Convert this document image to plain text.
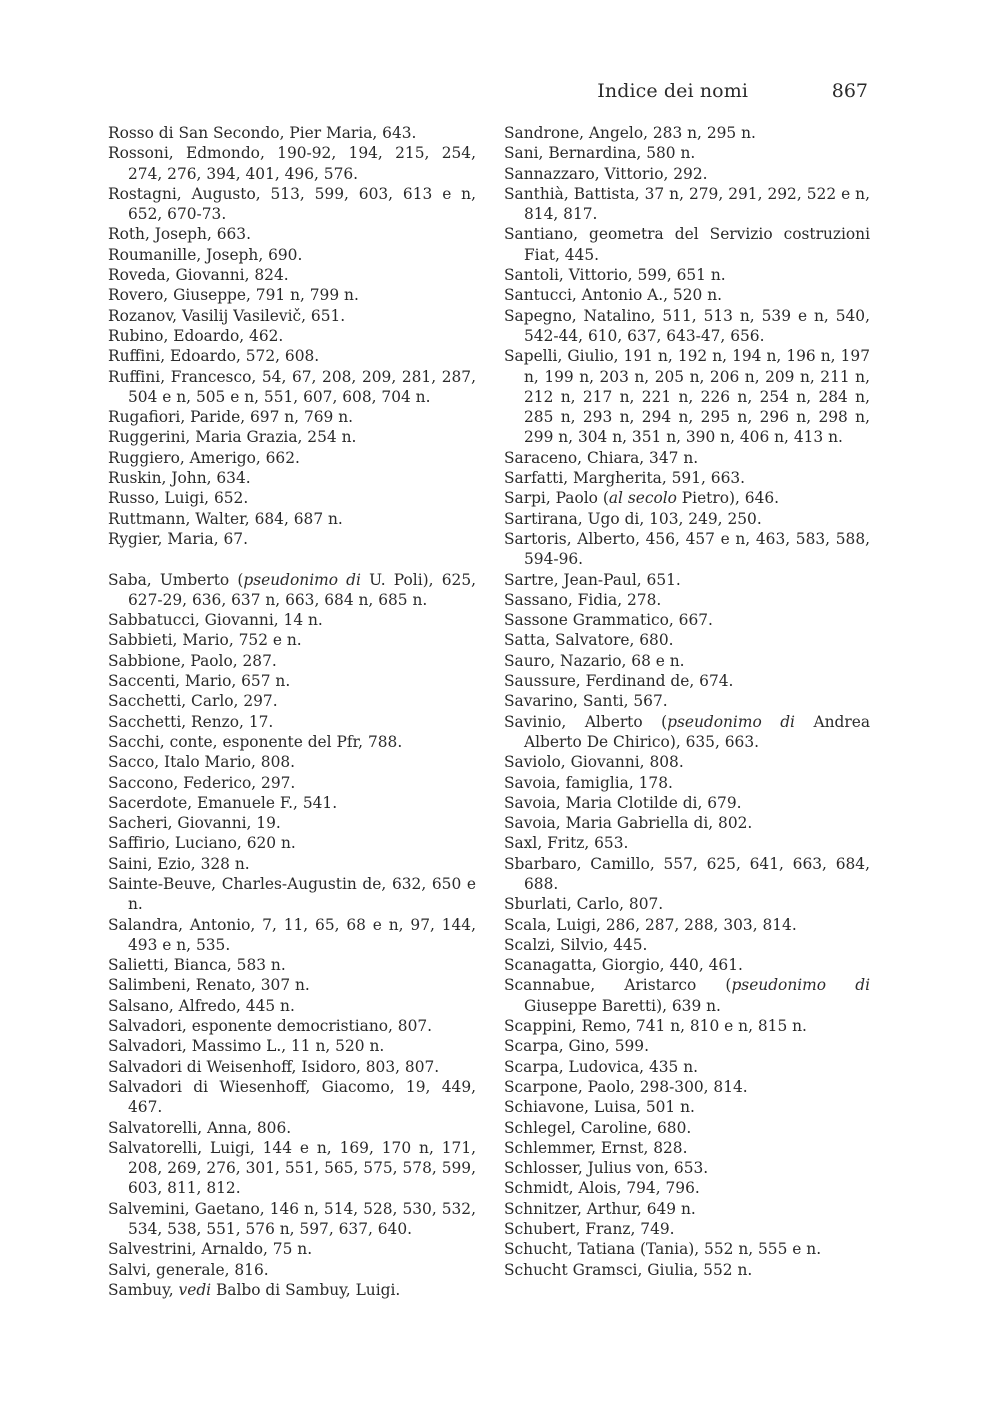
Indice dei nomi	867

Rosso di San Secondo, Pier Maria, 643.

Rossoni, Edmondo, 190-92, 194, 215, 254, 274, 276, 394, 401, 496, 576.

Rostagni, Augusto, 513, 599, 603, 613 e n, 652, 670-73.

Roth, Joseph, 663.

Roumanille, Joseph, 690.

Roveda, Giovanni, 824.

Rovero, Giuseppe, 791 n, 799 n.

Rozanov, Vasilij Vasilevič, 651.

Rubino, Edoardo, 462.

Ruffini, Edoardo, 572, 608.

Ruffini, Francesco, 54, 67, 208, 209, 281, 287, 504 e n, 505 e n, 551, 607, 608, 704 n.

Rugafiori, Paride, 697 n, 769 n.

Ruggerini, Maria Grazia, 254 n.

Ruggiero, Amerigo, 662.

Ruskin, John, 634.

Russo, Luigi, 652.

Ruttmann, Walter, 684, 687 n.

Rygier, Maria, 67.

Saba, Umberto (pseudonimo di U. Poli), 625, 627-29, 636, 637 n, 663, 684 n, 685 n.

Sabbatucci, Giovanni, 14 n.

Sabbieti, Mario, 752 e n.

Sabbione, Paolo, 287.

Saccenti, Mario, 657 n.

Sacchetti, Carlo, 297.

Sacchetti, Renzo, 17.

Sacchi, conte, esponente del Pfr, 788.

Sacco, Italo Mario, 808.

Saccono, Federico, 297.

Sacerdote, Emanuele F., 541.

Sacheri, Giovanni, 19.

Saffirio, Luciano, 620 n.

Saini, Ezio, 328 n.

Sainte-Beuve, Charles-Augustin de, 632, 650 e n.

Salandra, Antonio, 7, 11, 65, 68 e n, 97, 144, 493 e n, 535.

Salietti, Bianca, 583 n.

Salimbeni, Renato, 307 n.

Salsano, Alfredo, 445 n.

Salvadori, esponente democristiano, 807.

Salvadori, Massimo L., 11 n, 520 n.

Salvadori di Weisenhoff, Isidoro, 803, 807.

Salvadori di Wiesenhoff, Giacomo, 19, 449, 467.

Salvatorelli, Anna, 806.

Salvatorelli, Luigi, 144 e n, 169, 170 n, 171, 208, 269, 276, 301, 551, 565, 575, 578, 599, 603, 811, 812.

Salvemini, Gaetano, 146 n, 514, 528, 530, 532, 534, 538, 551, 576 n, 597, 637, 640.

Salvestrini, Arnaldo, 75 n.

Salvi, generale, 816.

Sambuy, vedi Balbo di Sambuy, Luigi.

Sandrone, Angelo, 283 n, 295 n.

Sani, Bernardina, 580 n.

Sannazzaro, Vittorio, 292.

Santhià, Battista, 37 n, 279, 291, 292, 522 e n, 814, 817.

Santiano, geometra del Servizio costruzioni Fiat, 445.

Santoli, Vittorio, 599, 651 n.

Santucci, Antonio A., 520 n.

Sapegno, Natalino, 511, 513 n, 539 e n, 540, 542-44, 610, 637, 643-47, 656.

Sapelli, Giulio, 191 n, 192 n, 194 n, 196 n, 197 n, 199 n, 203 n, 205 n, 206 n, 209 n, 211 n, 212 n, 217 n, 221 n, 226 n, 254 n, 284 n, 285 n, 293 n, 294 n, 295 n, 296 n, 298 n, 299 n, 304 n, 351 n, 390 n, 406 n, 413 n.

Saraceno, Chiara, 347 n.

Sarfatti, Margherita, 591, 663.

Sarpi, Paolo (al secolo Pietro), 646.

Sartirana, Ugo di, 103, 249, 250.

Sartoris, Alberto, 456, 457 e n, 463, 583, 588, 594-96.

Sartre, Jean-Paul, 651.

Sassano, Fidia, 278.

Sassone Grammatico, 667.

Satta, Salvatore, 680.

Sauro, Nazario, 68 e n.

Saussure, Ferdinand de, 674.

Savarino, Santi, 567.

Savinio, Alberto (pseudonimo di Andrea Alberto De Chirico), 635, 663.

Saviolo, Giovanni, 808.

Savoia, famiglia, 178.

Savoia, Maria Clotilde di, 679.

Savoia, Maria Gabriella di, 802.

Saxl, Fritz, 653.

Sbarbaro, Camillo, 557, 625, 641, 663, 684, 688.

Sburlati, Carlo, 807.

Scala, Luigi, 286, 287, 288, 303, 814.

Scalzi, Silvio, 445.

Scanagatta, Giorgio, 440, 461.

Scannabue, Aristarco (pseudonimo di Giuseppe Baretti), 639 n.

Scappini, Remo, 741 n, 810 e n, 815 n.

Scarpa, Gino, 599.

Scarpa, Ludovica, 435 n.

Scarpone, Paolo, 298-300, 814.

Schiavone, Luisa, 501 n.

Schlegel, Caroline, 680.

Schlemmer, Ernst, 828.

Schlosser, Julius von, 653.

Schmidt, Alois, 794, 796.

Schnitzer, Arthur, 649 n.

Schubert, Franz, 749.

Schucht, Tatiana (Tania), 552 n, 555 e n.

Schucht Gramsci, Giulia, 552 n.
